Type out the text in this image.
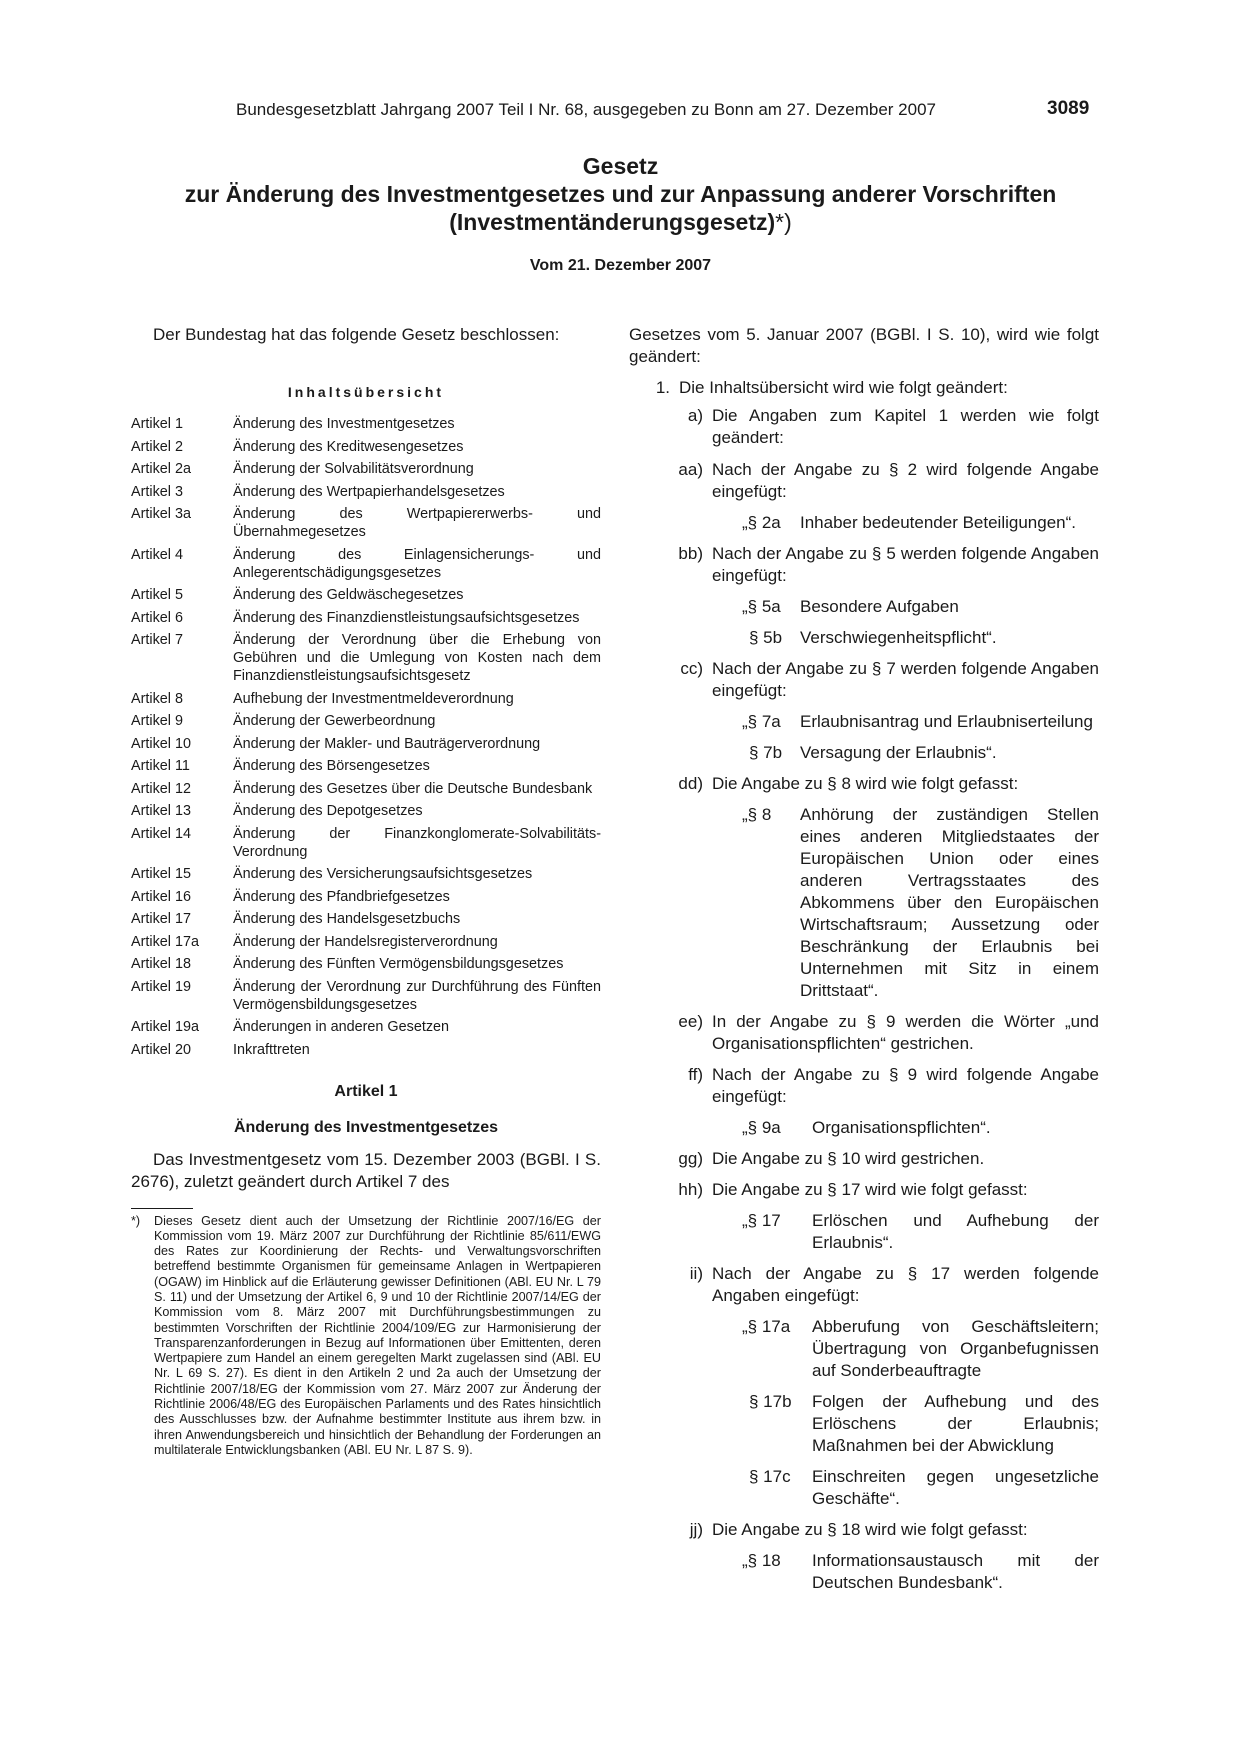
Bundesgesetzblatt Jahrgang 2007 Teil I Nr. 68, ausgegeben zu Bonn am 27. Dezember 2007	3089
Gesetz
zur Änderung des Investmentgesetzes und zur Anpassung anderer Vorschriften
(Investmentänderungsgesetz)*)
Vom 21. Dezember 2007

Der Bundestag hat das folgende Gesetz beschlossen:

Inhaltsübersicht
Artikel 1	Änderung des Investmentgesetzes
Artikel 2	Änderung des Kreditwesengesetzes
Artikel 2a	Änderung der Solvabilitätsverordnung
Artikel 3	Änderung des Wertpapierhandelsgesetzes
Artikel 3a	Änderung des Wertpapiererwerbs- und Übernahmegesetzes
Artikel 4	Änderung des Einlagensicherungs- und Anlegerentschädigungsgesetzes
Artikel 5	Änderung des Geldwäschegesetzes
Artikel 6	Änderung des Finanzdienstleistungsaufsichtsgesetzes
Artikel 7	Änderung der Verordnung über die Erhebung von Gebühren und die Umlegung von Kosten nach dem Finanzdienstleistungsaufsichtsgesetz
Artikel 8	Aufhebung der Investmentmeldeverordnung
Artikel 9	Änderung der Gewerbeordnung
Artikel 10	Änderung der Makler- und Bauträgerverordnung
Artikel 11	Änderung des Börsengesetzes
Artikel 12	Änderung des Gesetzes über die Deutsche Bundesbank
Artikel 13	Änderung des Depotgesetzes
Artikel 14	Änderung der Finanzkonglomerate-Solvabilitäts-Verordnung
Artikel 15	Änderung des Versicherungsaufsichtsgesetzes
Artikel 16	Änderung des Pfandbriefgesetzes
Artikel 17	Änderung des Handelsgesetzbuchs
Artikel 17a	Änderung der Handelsregisterverordnung
Artikel 18	Änderung des Fünften Vermögensbildungsgesetzes
Artikel 19	Änderung der Verordnung zur Durchführung des Fünften Vermögensbildungsgesetzes
Artikel 19a	Änderungen in anderen Gesetzen
Artikel 20	Inkrafttreten
Artikel 1
Änderung des Investmentgesetzes

Das Investmentgesetz vom 15. Dezember 2003 (BGBl. I S. 2676), zuletzt geändert durch Artikel 7 des

*)	Dieses Gesetz dient auch der Umsetzung der Richtlinie 2007/16/EG der Kommission vom 19. März 2007 zur Durchführung der Richtlinie 85/611/EWG des Rates zur Koordinierung der Rechts- und Verwaltungsvorschriften betreffend bestimmte Organismen für gemeinsame Anlagen in Wertpapieren (OGAW) im Hinblick auf die Erläuterung gewisser Definitionen (ABl. EU Nr. L 79 S. 11) und der Umsetzung der Artikel 6, 9 und 10 der Richtlinie 2007/14/EG der Kommission vom 8. März 2007 mit Durchführungsbestimmungen zu bestimmten Vorschriften der Richtlinie 2004/109/EG zur Harmonisierung der Transparenzanforderungen in Bezug auf Informationen über Emittenten, deren Wertpapiere zum Handel an einem geregelten Markt zugelassen sind (ABl. EU Nr. L 69 S. 27). Es dient in den Artikeln 2 und 2a auch der Umsetzung der Richtlinie 2007/18/EG der Kommission vom 27. März 2007 zur Änderung der Richtlinie 2006/48/EG des Europäischen Parlaments und des Rates hinsichtlich des Ausschlusses bzw. der Aufnahme bestimmter Institute aus ihrem bzw. in ihren Anwendungsbereich und hinsichtlich der Behandlung der Forderungen an multilaterale Entwicklungsbanken (ABl. EU Nr. L 87 S. 9).

Gesetzes vom 5. Januar 2007 (BGBl. I S. 10), wird wie folgt geändert:

1. Die Inhaltsübersicht wird wie folgt geändert:
a) Die Angaben zum Kapitel 1 werden wie folgt geändert:
aa) Nach der Angabe zu § 2 wird folgende Angabe eingefügt:
„§ 2a	Inhaber bedeutender Beteiligungen“.
bb) Nach der Angabe zu § 5 werden folgende Angaben eingefügt:
„§ 5a	Besondere Aufgaben
§ 5b	Verschwiegenheitspflicht“.
cc) Nach der Angabe zu § 7 werden folgende Angaben eingefügt:
„§ 7a	Erlaubnisantrag und Erlaubniserteilung
§ 7b	Versagung der Erlaubnis“.
dd) Die Angabe zu § 8 wird wie folgt gefasst:
„§ 8	Anhörung der zuständigen Stellen eines anderen Mitgliedstaates der Europäischen Union oder eines anderen Vertragsstaates des Abkommens über den Europäischen Wirtschaftsraum; Aussetzung oder Beschränkung der Erlaubnis bei Unternehmen mit Sitz in einem Drittstaat“.
ee) In der Angabe zu § 9 werden die Wörter „und Organisationspflichten“ gestrichen.
ff) Nach der Angabe zu § 9 wird folgende Angabe eingefügt:
„§ 9a	Organisationspflichten“.
gg) Die Angabe zu § 10 wird gestrichen.
hh) Die Angabe zu § 17 wird wie folgt gefasst:
„§ 17	Erlöschen und Aufhebung der Erlaubnis“.
ii) Nach der Angabe zu § 17 werden folgende Angaben eingefügt:
„§ 17a	Abberufung von Geschäftsleitern; Übertragung von Organbefugnissen auf Sonderbeauftragte
§ 17b	Folgen der Aufhebung und des Erlöschens der Erlaubnis; Maßnahmen bei der Abwicklung
§ 17c	Einschreiten gegen ungesetzliche Geschäfte“.
jj) Die Angabe zu § 18 wird wie folgt gefasst:
„§ 18	Informationsaustausch mit der Deutschen Bundesbank“.
